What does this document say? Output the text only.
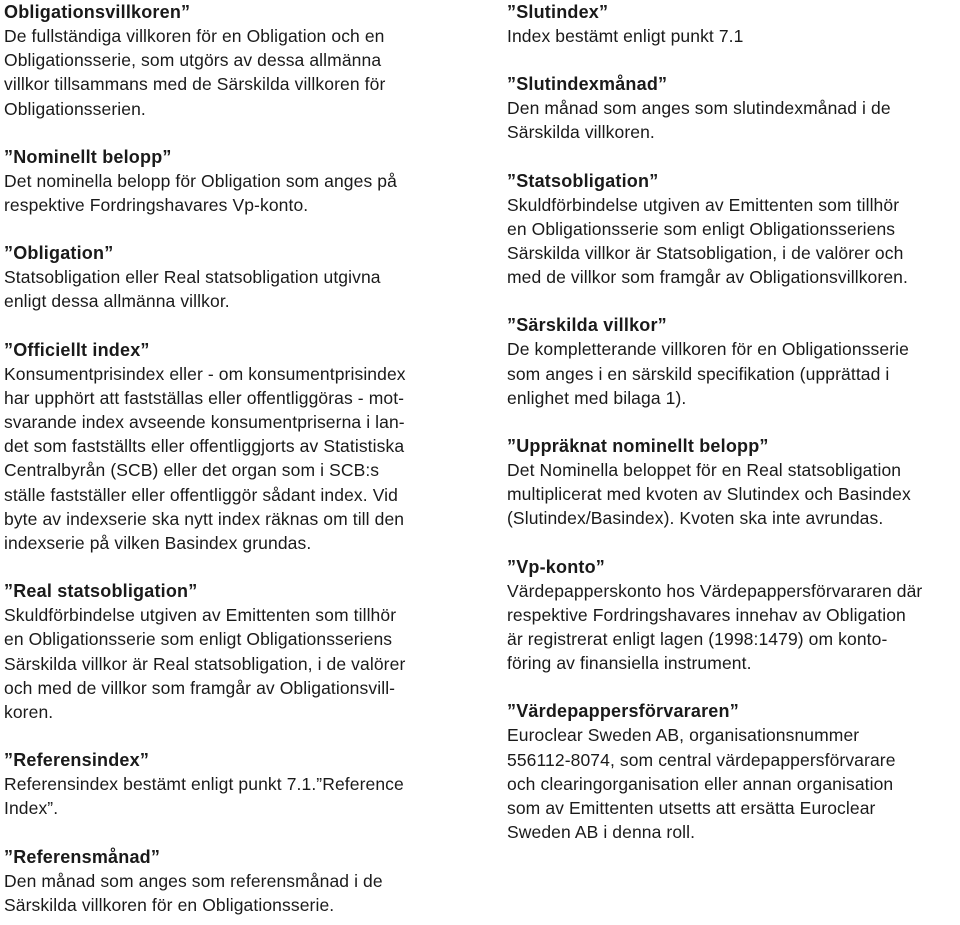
Obligationsvillkoren”

De fullständiga villkoren för en Obligation och en
Obligationsserie, som utgörs av dessa allmänna
villkor tillsammans med de Särskilda villkoren för
Obligationsserien.

”Nominellt belopp”

Det nominella belopp för Obligation som anges på
respektive Fordringshavares Vp-konto.

”Obligation”

Statsobligation eller Real statsobligation utgivna
enligt dessa allmänna villkor.

”Officiellt index”

Konsumentprisindex eller - om konsumentprisindex
har upphört att fastställas eller offentliggöras - mot-
svarande index avseende konsumentpriserna i lan-
det som fastställts eller offentliggjorts av Statistiska
Centralbyrån (SCB) eller det organ som i SCB:s
ställe fastställer eller offentliggör sådant index. Vid
byte av indexserie ska nytt index räknas om till den
indexserie på vilken Basindex grundas.

”Real statsobligation”

Skuldförbindelse utgiven av Emittenten som tillhör
en Obligationsserie som enligt Obligationsseriens
Särskilda villkor är Real statsobligation, i de valörer
och med de villkor som framgår av Obligationsvill-
koren.

”Referensindex”

Referensindex bestämt enligt punkt 7.1.”Reference
Index”.

”Referensmånad”

Den månad som anges som referensmånad i de
Särskilda villkoren för en Obligationsserie.

”Slutindex”

Index bestämt enligt punkt 7.1

”Slutindexmånad”

Den månad som anges som slutindexmånad i de
Särskilda villkoren.

”Statsobligation”

Skuldförbindelse utgiven av Emittenten som tillhör
en Obligationsserie som enligt Obligationsseriens
Särskilda villkor är Statsobligation, i de valörer och
med de villkor som framgår av Obligationsvillkoren.

”Särskilda villkor”

De kompletterande villkoren för en Obligationsserie
som anges i en särskild specifikation (upprättad i
enlighet med bilaga 1).

”Uppräknat nominellt belopp”

Det Nominella beloppet för en Real statsobligation
multiplicerat med kvoten av Slutindex och Basindex
(Slutindex/Basindex). Kvoten ska inte avrundas.

”Vp-konto”

Värdepapperskonto hos Värdepappersförvararen där
respektive Fordringshavares innehav av Obligation
är registrerat enligt lagen (1998:1479) om konto-
föring av finansiella instrument.

”Värdepappersförvararen”

Euroclear Sweden AB, organisationsnummer
556112-8074, som central värdepappersförvarare
och clearingorganisation eller annan organisation
som av Emittenten utsetts att ersätta Euroclear
Sweden AB i denna roll.
